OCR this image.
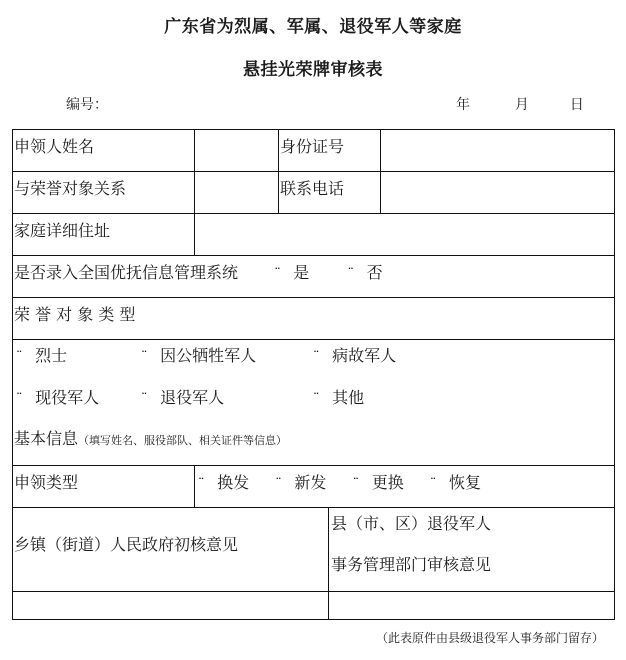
广东省为烈属、军属、退役军人等家庭
悬挂光荣牌审核表
编号：	年	月	日
申领人姓名	身份证号
与荣誉对象关系	联系电话
家庭详细住址
是否录入全国优抚信息管理系统	¨ 是	¨ 否
荣 誉 对 象 类 型
¨ 烈士	¨ 因公牺牲军人	¨ 病故军人
¨ 现役军人	¨ 退役军人	¨ 其他
基本信息（填写姓名、服役部队、相关证件等信息）
申领类型	¨ 换发 ¨ 新发 ¨ 更换 ¨ 恢复
乡镇（街道）人民政府初核意见
县（市、区）退役军人
事务管理部门审核意见
（此表原件由县级退役军人事务部门留存）
